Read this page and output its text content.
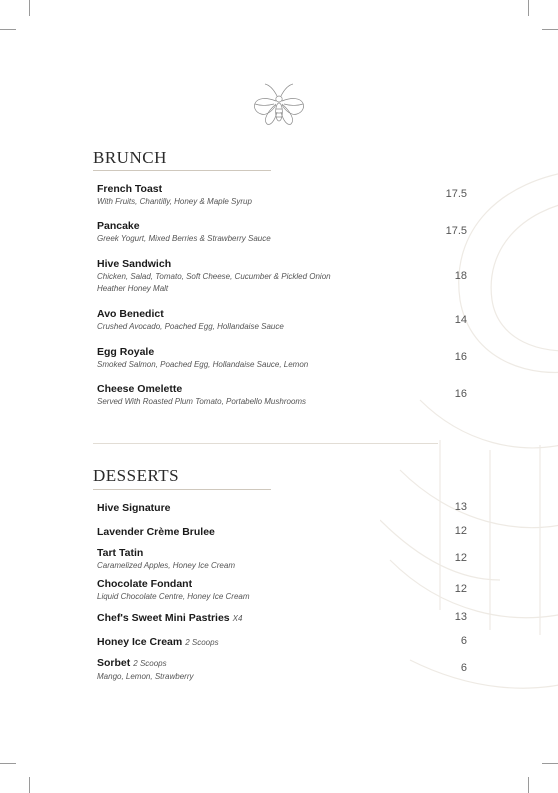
BRUNCH
French Toast
With Fruits, Chantilly, Honey & Maple Syrup
17.5
Pancake
Greek Yogurt, Mixed Berries & Strawberry Sauce
17.5
Hive Sandwich
Chicken, Salad, Tomato, Soft Cheese, Cucumber & Pickled Onion
Heather Honey Malt
18
Avo Benedict
Crushed Avocado, Poached Egg, Hollandaise Sauce
14
Egg Royale
Smoked Salmon, Poached Egg, Hollandaise Sauce, Lemon
16
Cheese Omelette
Served With Roasted Plum Tomato, Portabello Mushrooms
16
DESSERTS
Hive Signature	13
Lavender Crème Brulee	12
Tart Tatin
Caramelized Apples, Honey Ice Cream
12
Chocolate Fondant
Liquid Chocolate Centre, Honey Ice Cream
12
Chef's Sweet Mini Pastries X4	13
Honey Ice Cream 2 Scoops	6
Sorbet 2 Scoops
Mango, Lemon, Strawberry
6
